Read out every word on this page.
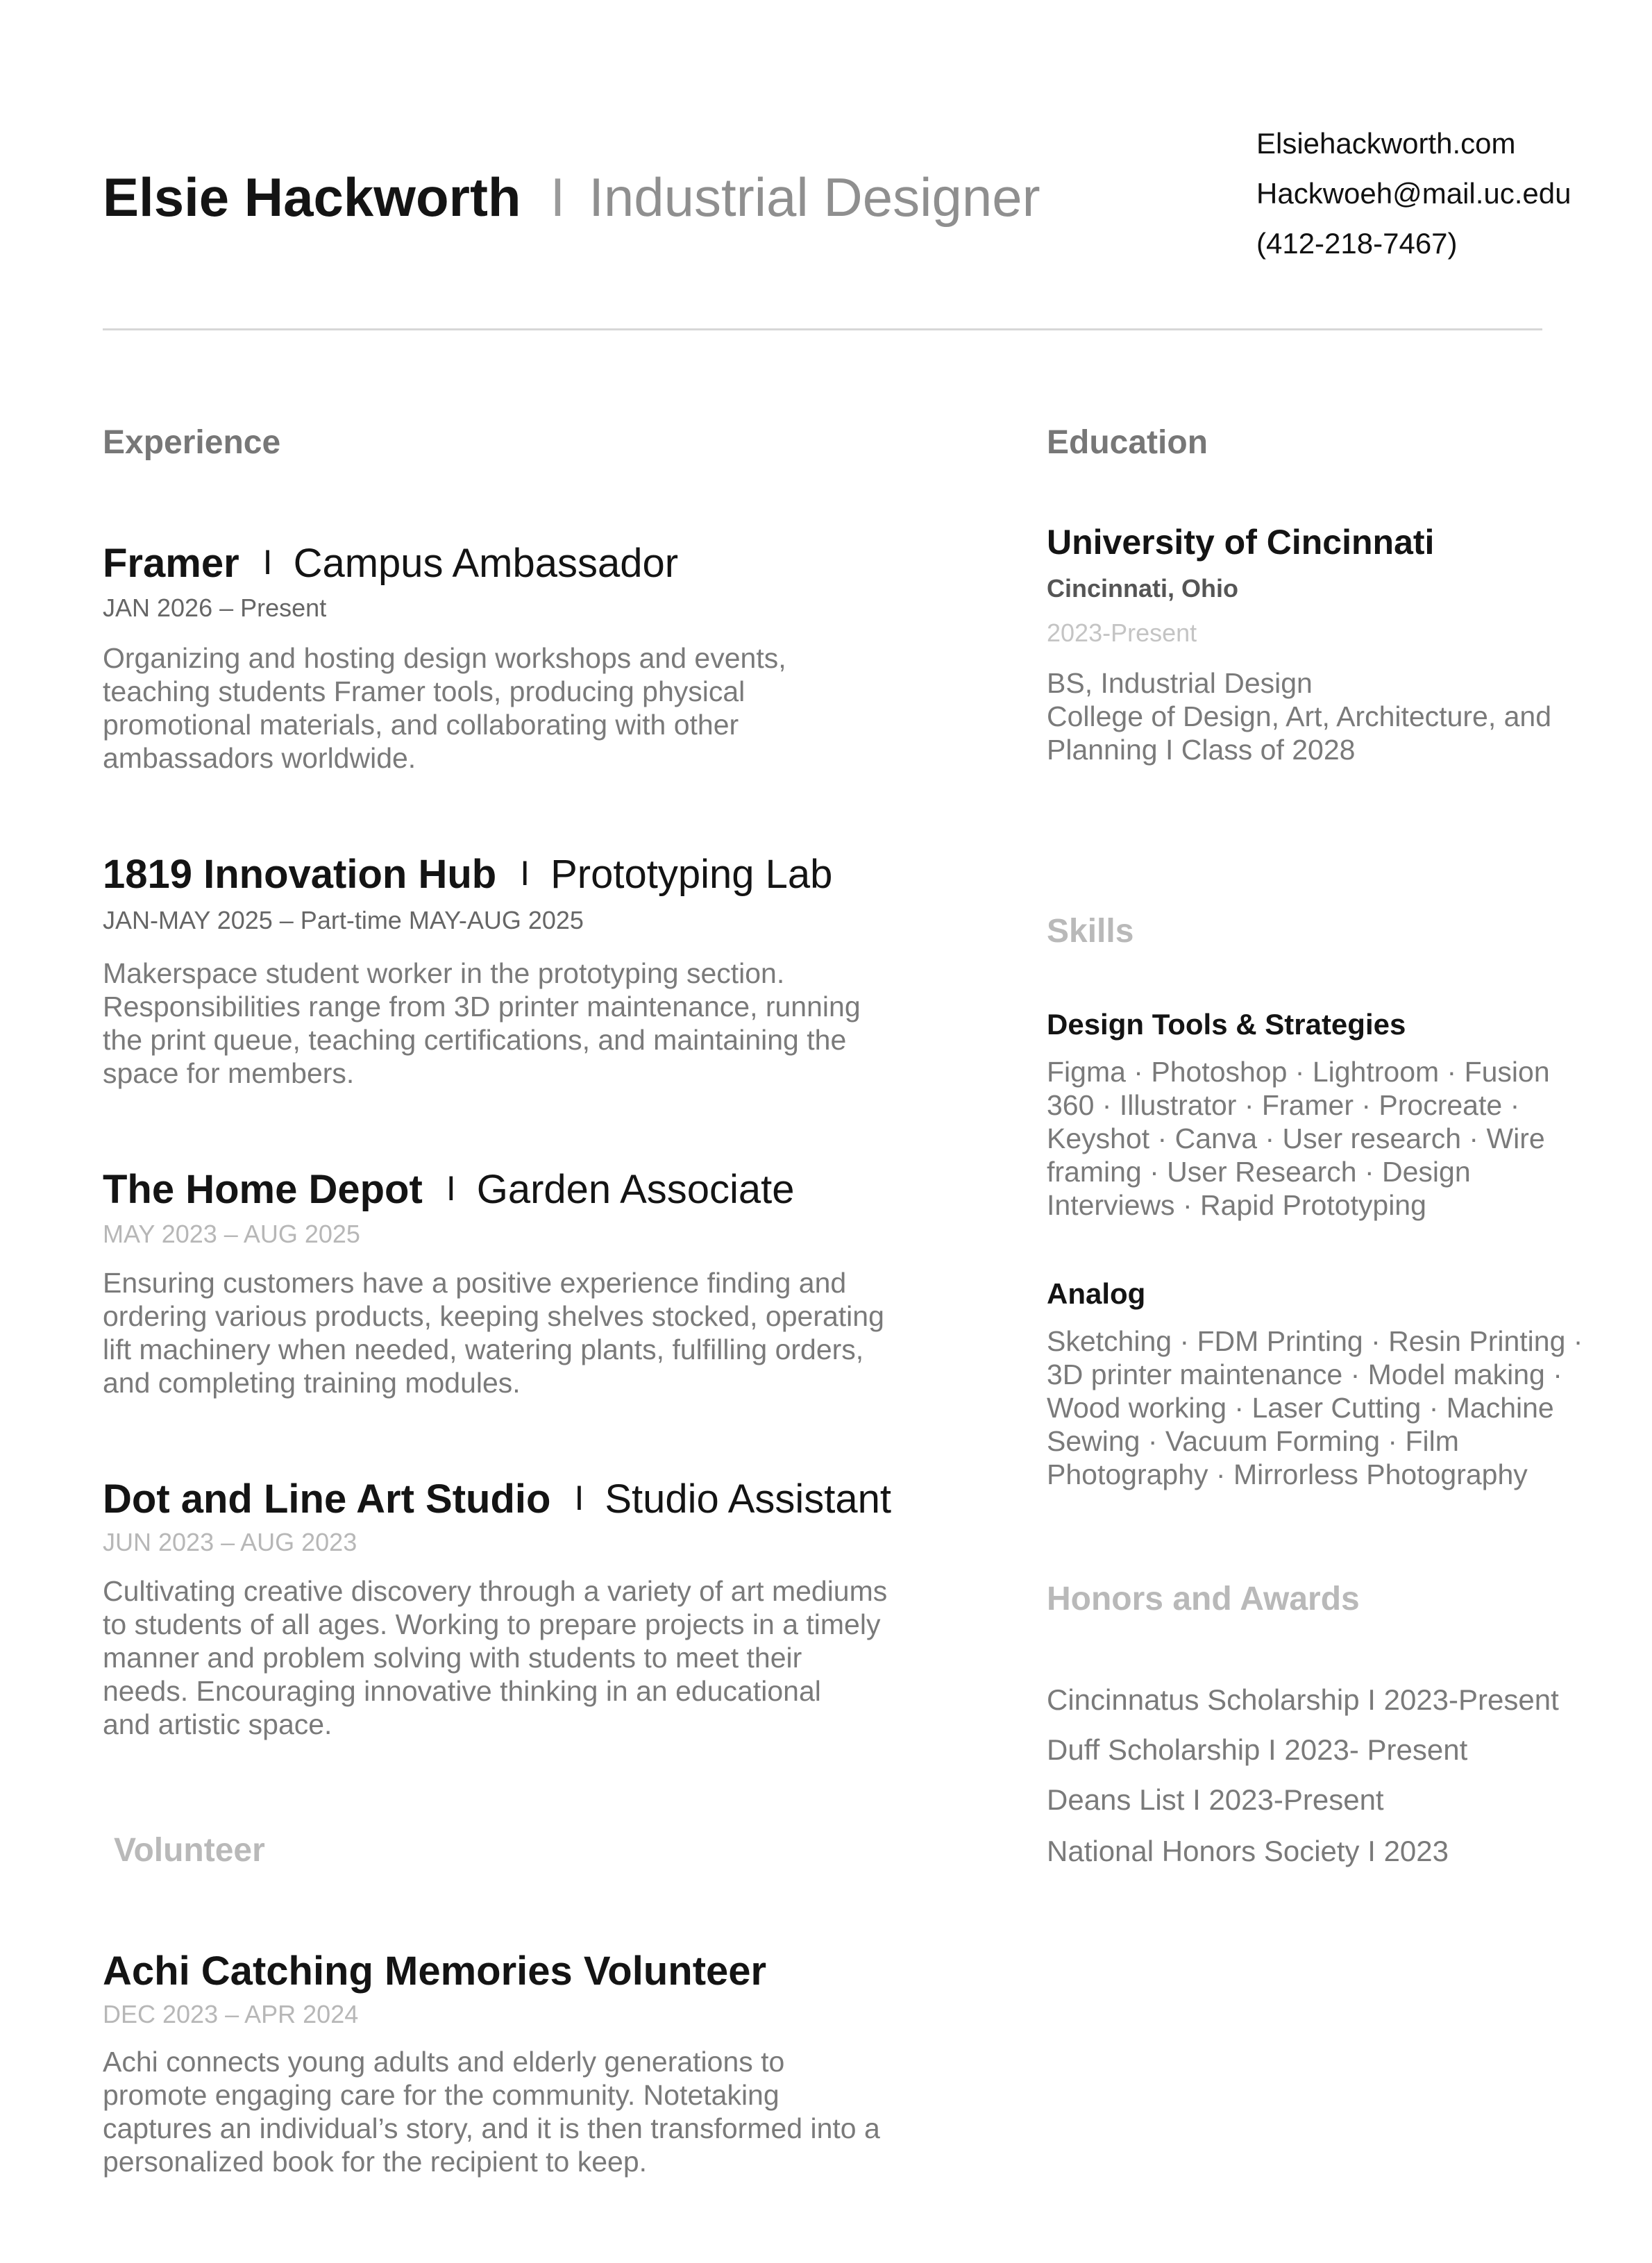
Elsie Hackworth I Industrial Designer
Elsiehackworth.com
Hackwoeh@mail.uc.edu
(412-218-7467)
Experience
Framer I Campus Ambassador
JAN 2026 – Present
Organizing and hosting design workshops and events,
teaching students Framer tools, producing physical
promotional materials, and collaborating with other
ambassadors worldwide.
1819 Innovation Hub I Prototyping Lab
JAN-MAY 2025 – Part-time MAY-AUG 2025
Makerspace student worker in the prototyping section.
Responsibilities range from 3D printer maintenance, running
the print queue, teaching certifications, and maintaining the
space for members.
The Home Depot I Garden Associate
MAY 2023 – AUG 2025
Ensuring customers have a positive experience finding and
ordering various products, keeping shelves stocked, operating
lift machinery when needed, watering plants, fulfilling orders,
and completing training modules.
Dot and Line Art Studio I Studio Assistant
JUN 2023 – AUG 2023
Cultivating creative discovery through a variety of art mediums
to students of all ages. Working to prepare projects in a timely
manner and problem solving with students to meet their
needs. Encouraging innovative thinking in an educational
and artistic space.
Volunteer
Achi Catching Memories Volunteer
DEC 2023 – APR 2024
Achi connects young adults and elderly generations to
promote engaging care for the community. Notetaking
captures an individual’s story, and it is then transformed into a
personalized book for the recipient to keep.
Education
University of Cincinnati
Cincinnati, Ohio
2023-Present
BS, Industrial Design
College of Design, Art, Architecture, and
Planning I Class of 2028
Skills
Design Tools & Strategies
Figma · Photoshop · Lightroom · Fusion
360 · Illustrator · Framer · Procreate ·
Keyshot · Canva · User research · Wire
framing · User Research · Design
Interviews · Rapid Prototyping
Analog
Sketching · FDM Printing · Resin Printing ·
3D printer maintenance · Model making ·
Wood working · Laser Cutting · Machine
Sewing · Vacuum Forming · Film
Photography · Mirrorless Photography
Honors and Awards
Cincinnatus Scholarship I 2023-Present
Duff Scholarship I 2023- Present
Deans List I 2023-Present
National Honors Society I 2023
